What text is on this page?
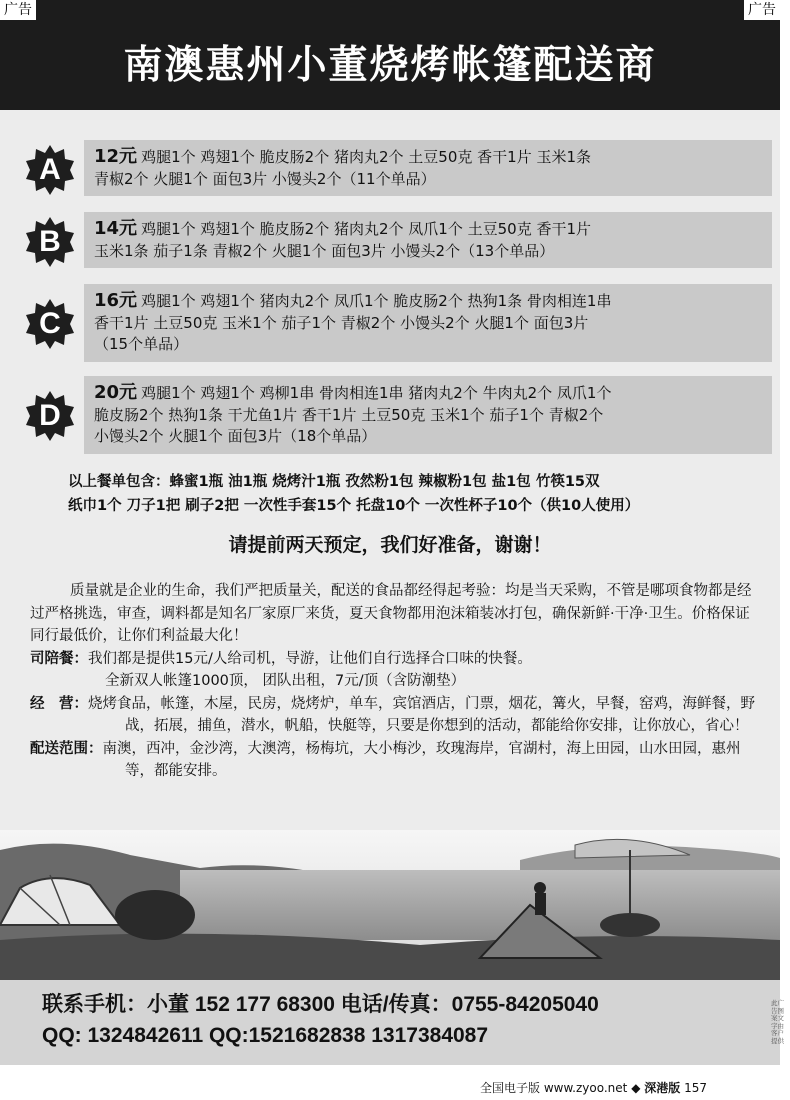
广告	广告
南澳惠州小董烧烤帐篷配送商
A	12元 鸡腿1个 鸡翅1个 脆皮肠2个 猪肉丸2个 土豆50克 香干1片 玉米1条
青椒2个 火腿1个 面包3片 小馒头2个（11个单品）
B	14元 鸡腿1个 鸡翅1个 脆皮肠2个 猪肉丸2个 凤爪1个 土豆50克 香干1片
玉米1条 茄子1条 青椒2个 火腿1个 面包3片 小馒头2个（13个单品）
C
16元 鸡腿1个 鸡翅1个 猪肉丸2个 凤爪1个 脆皮肠2个 热狗1条 骨肉相连1串
香干1片 土豆50克 玉米1个 茄子1个 青椒2个 小馒头2个 火腿1个 面包3片
（15个单品）
D
20元 鸡腿1个 鸡翅1个 鸡柳1串 骨肉相连1串 猪肉丸2个 牛肉丸2个 凤爪1个
脆皮肠2个 热狗1条 干尤鱼1片 香干1片 土豆50克 玉米1个 茄子1个 青椒2个
小馒头2个 火腿1个 面包3片（18个单品）
以上餐单包含：蜂蜜1瓶 油1瓶 烧烤汁1瓶 孜然粉1包 辣椒粉1包 盐1包 竹筷15双
纸巾1个 刀子1把 刷子2把 一次性手套15个 托盘10个 一次性杯子10个（供10人使用）
请提前两天预定，我们好准备，谢谢！

质量就是企业的生命，我们严把质量关，配送的食品都经得起考验：均是当天采购，不管是哪项食物都是经过严格挑选，审查，调料都是知名厂家原厂来货，夏天食物都用泡沫箱装冰打包，确保新鲜·干净·卫生。价格保证同行最低价，让你们利益最大化！

司陪餐：我们都是提供15元/人给司机，导游，让他们自行选择合口味的快餐。

全新双人帐篷1000顶， 团队出租，7元/顶（含防潮垫）

经　营：烧烤食品，帐篷，木屋，民房，烧烤炉，单车，宾馆酒店，门票，烟花，篝火，早餐，窑鸡，海鲜餐，野战，拓展，捕鱼，潜水，帆船，快艇等，只要是你想到的活动，都能给你安排，让你放心，省心！

配送范围：南澳，西冲，金沙湾，大澳湾，杨梅坑，大小梅沙，玫瑰海岸，官湖村，海上田园，山水田园，惠州等，都能安排。

联系手机：小董 152 177 68300 电话/传真：0755-84205040
QQ: 1324842611 QQ:1521682838 1317384087
此广告图案文字由客户提供
全国电子版 www.zyoo.net ◆ 深港版 157
